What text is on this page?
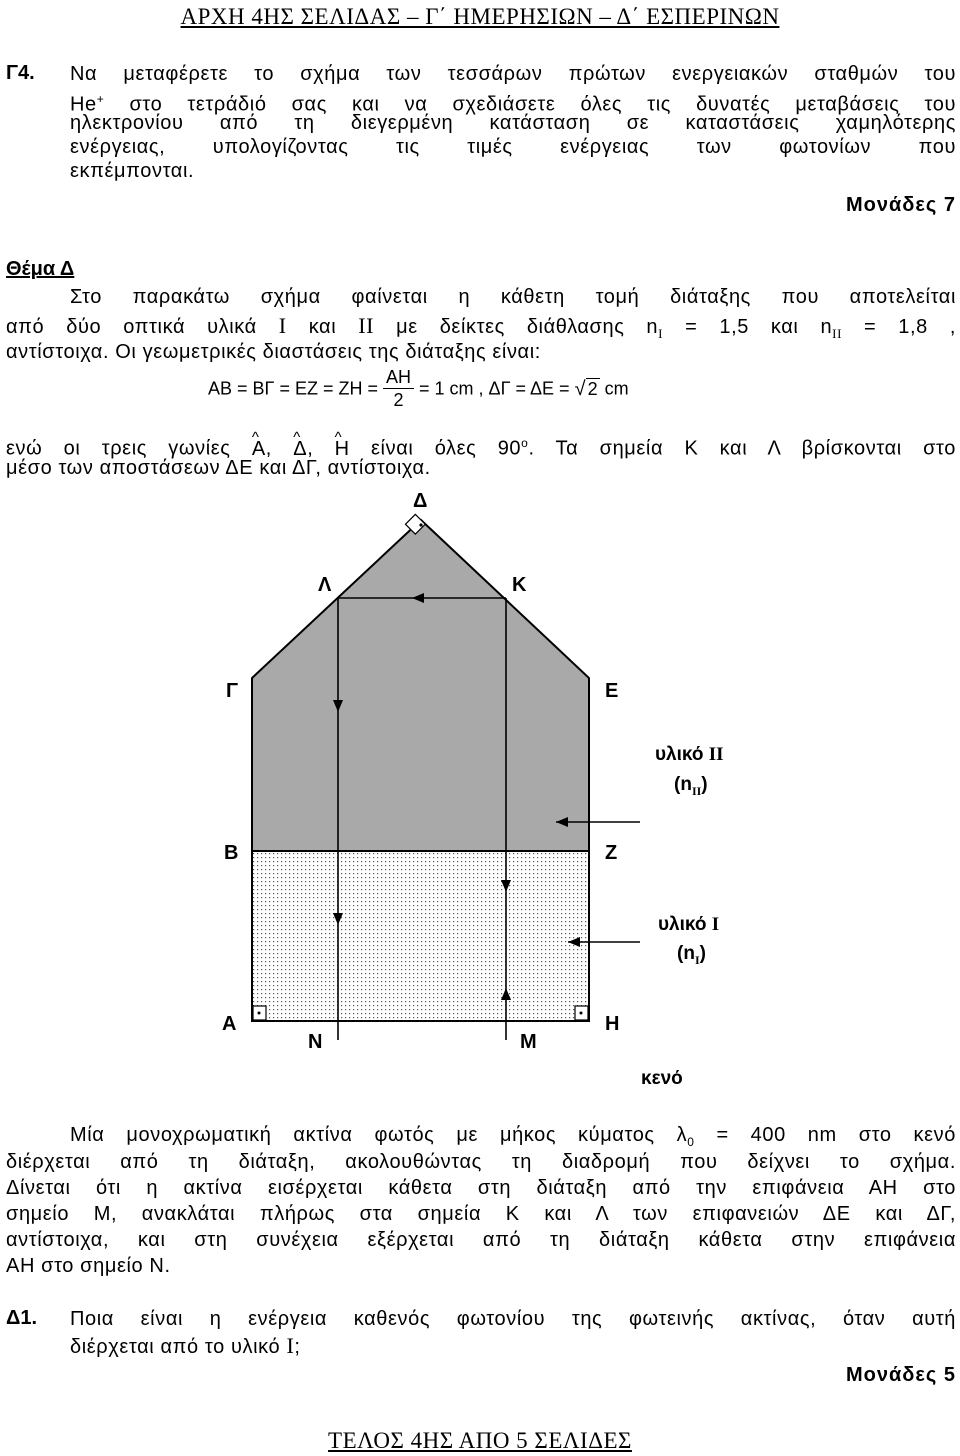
ΑΡΧΗ 4ΗΣ ΣΕΛΙΔΑΣ – Γ΄ ΗΜΕΡΗΣΙΩΝ – Δ΄ ΕΣΠΕΡΙΝΩΝ
Γ4. Να μεταφέρετε το σχήμα των τεσσάρων πρώτων ενεργειακών σταθμών του
He+ στο τετράδιό σας και να σχεδιάσετε όλες τις δυνατές μεταβάσεις του
ηλεκτρονίου από τη διεγερμένη κατάσταση σε καταστάσεις χαμηλότερης
ενέργειας, υπολογίζοντας τις τιμές ενέργειας των φωτονίων που
εκπέμπονται.
Μονάδες 7
Θέμα Δ
Στο παρακάτω σχήμα φαίνεται η κάθετη τομή διάταξης που αποτελείται
από δύο οπτικά υλικά Ι και ΙΙ με δείκτες διάθλασης $n_I = 1,5$ και $n_{II} = 1,8$ ,
αντίστοιχα. Οι γεωμετρικές διαστάσεις της διάταξης είναι:
$AB = B\Gamma = EZ = ZH = \frac{AH}{2} = 1$ cm , ΔΓ = ΔΕ = √ 2 cm
ενώ οι τρεις γωνίες ^ Α, ^ Δ, ^ Η είναι όλες $90^o$. Τα σημεία Κ και Λ βρίσκονται στο
μέσο των αποστάσεων ΔΕ και ΔΓ, αντίστοιχα.
Δ
Λ	Κ
Γ	Ε
Β	Ζ
Α	Η
Ν	Μ
υλικό ΙΙ
$(n_{II})$
υλικό Ι
$(n_I)$
κενό
Μία μονοχρωματική ακτίνα φωτός με μήκος κύματος $\lambda_0 = 400$ nm στο κενό
διέρχεται από τη διάταξη, ακολουθώντας τη διαδρομή που δείχνει το σχήμα.
Δίνεται ότι η ακτίνα εισέρχεται κάθετα στη διάταξη από την επιφάνεια ΑΗ στο
σημείο Μ, ανακλάται πλήρως στα σημεία Κ και Λ των επιφανειών ΔΕ και ΔΓ,
αντίστοιχα, και στη συνέχεια εξέρχεται από τη διάταξη κάθετα στην επιφάνεια
ΑΗ στο σημείο Ν.
Δ1. Ποια είναι η ενέργεια καθενός φωτονίου της φωτεινής ακτίνας, όταν αυτή
διέρχεται από το υλικό Ι;
Μονάδες 5
ΤΕΛΟΣ 4ΗΣ ΑΠΟ 5 ΣΕΛΙΔΕΣ
